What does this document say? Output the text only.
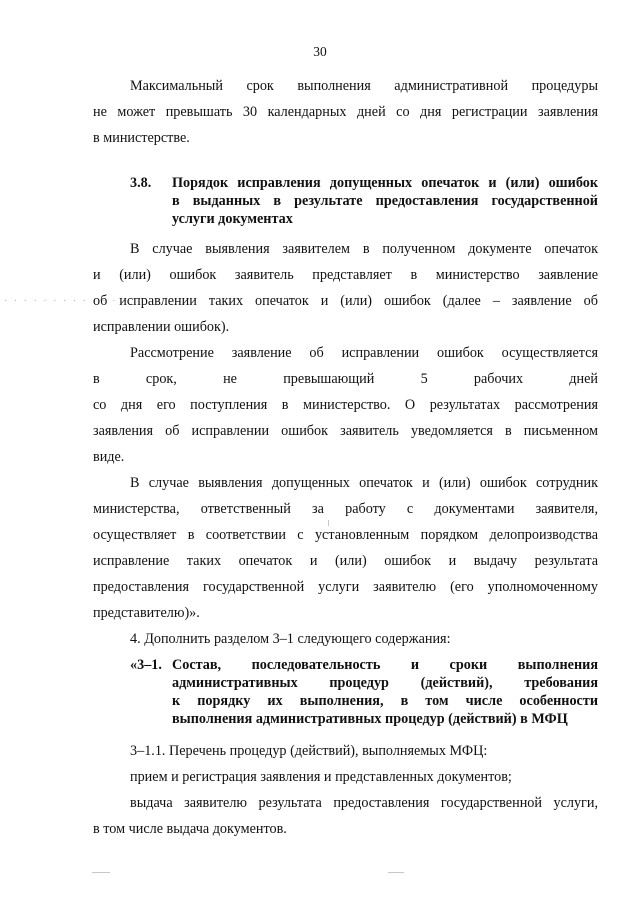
30
Максимальный срок выполнения административной процедуры
не может превышать 30 календарных дней со дня регистрации заявления
в министерстве.
3.8. Порядок исправления допущенных опечаток и (или) ошибок
в выданных в результате предоставления государственной
услуги документах
В случае выявления заявителем в полученном документе опечаток
и (или) ошибок заявитель представляет в министерство заявление
· · · · · · · · · · · ·
об исправлении таких опечаток и (или) ошибок (далее – заявление об
исправлении ошибок).
Рассмотрение заявление об исправлении ошибок осуществляется
в срок, не превышающий 5 рабочих дней
со дня его поступления в министерство. О результатах рассмотрения
заявления об исправлении ошибок заявитель уведомляется в письменном
виде.
В случае выявления допущенных опечаток и (или) ошибок сотрудник
министерства, ответственный за работу с документами заявителя,
осуществляет в соответствии с установленным порядком делопроизводства
исправление таких опечаток и (или) ошибок и выдачу результата
предоставления государственной услуги заявителю (его уполномоченному
представителю)».
4. Дополнить разделом 3–1 следующего содержания:
«3–1. Состав, последовательность и сроки выполнения
административных процедур (действий), требования
к порядку их выполнения, в том числе особенности
выполнения административных процедур (действий) в МФЦ
3–1.1. Перечень процедур (действий), выполняемых МФЦ:
прием и регистрация заявления и представленных документов;
выдача заявителю результата предоставления государственной услуги,
в том числе выдача документов.
